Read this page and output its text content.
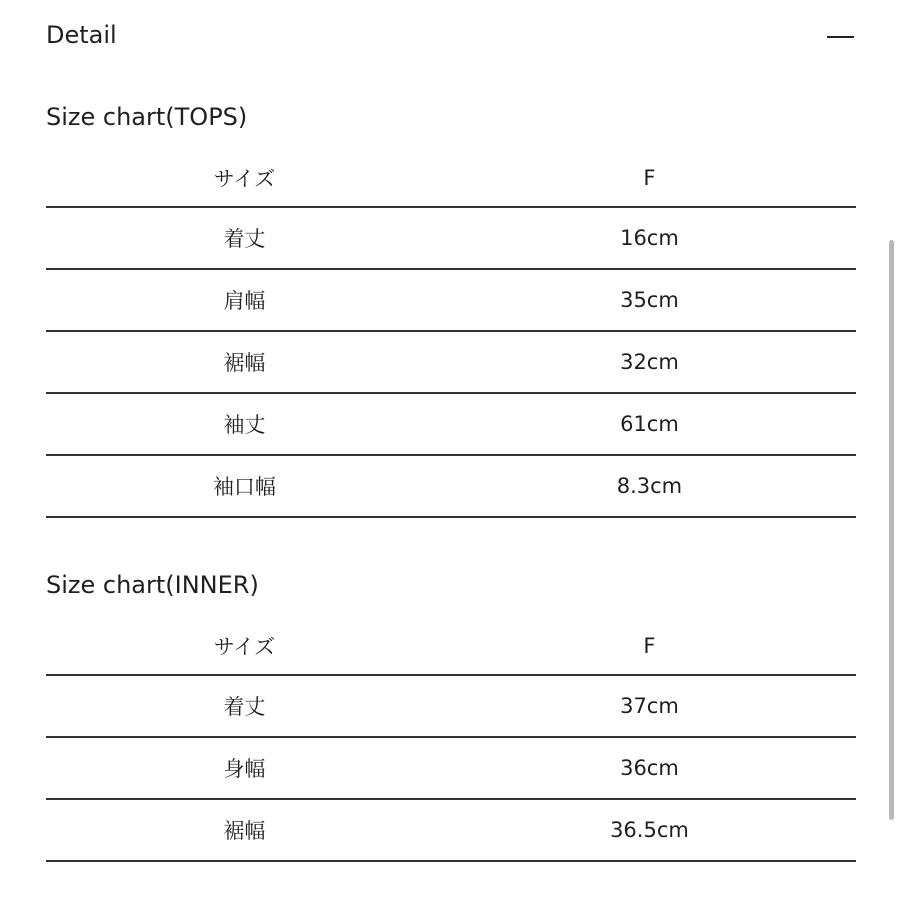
Detail
Size chart(TOPS)
サイズ	F
着丈	16cm
肩幅	35cm
裾幅	32cm
袖丈	61cm
袖口幅	8.3cm
Size chart(INNER)
サイズ	F
着丈	37cm
身幅	36cm
裾幅	36.5cm
